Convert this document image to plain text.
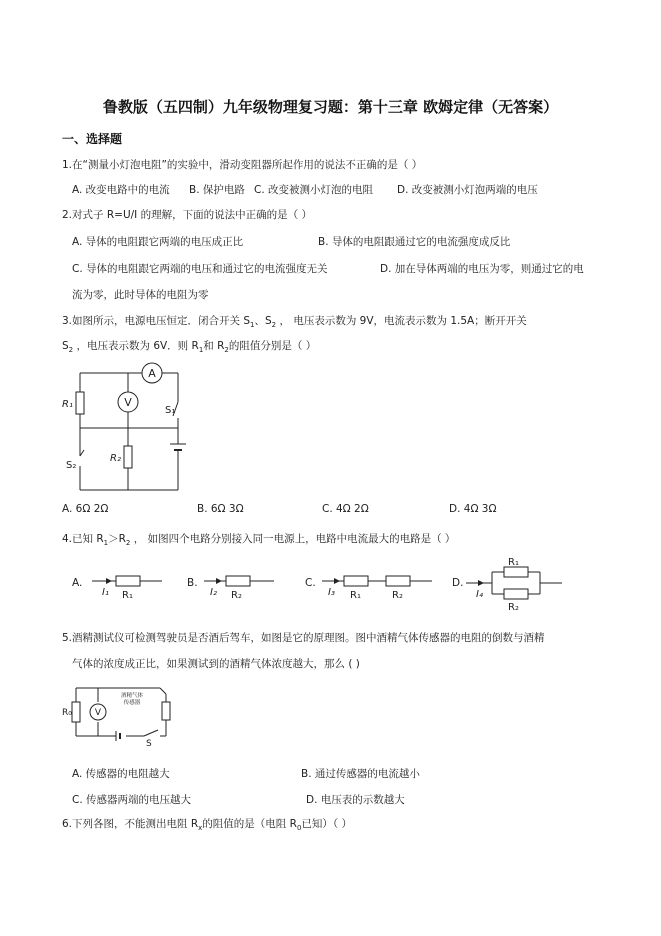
鲁教版（五四制）九年级物理复习题：第十三章 欧姆定律（无答案）
一、选择题
1.在“测量小灯泡电阻”的实验中，滑动变阻器所起作用的说法不正确的是（ ）
A. 改变电路中的电流 B. 保护电路 C. 改变被测小灯泡的电阻 D. 改变被测小灯泡两端的电压
2.对式子 R=U/I 的理解，下面的说法中正确的是（ ）
A. 导体的电阻跟它两端的电压成正比	B. 导体的电阻跟通过它的电流强度成反比
C. 导体的电阻跟它两端的电压和通过它的电流强度无关	D. 加在导体两端的电压为零，则通过它的电
流为零，此时导体的电阻为零
3.如图所示，电源电压恒定．闭合开关 $S_1$、$S_2$ ， 电压表示数为 9V，电流表示数为 1.5A；断开开关
$S_2$ ，电压表示数为 6V．则 $R_1$和 $R_2$的阻值分别是（ ）
A
V
R₁
R₂
S₁
S₂
A. 6Ω 2Ω	B. 6Ω 3Ω	C. 4Ω 2Ω	D. 4Ω 3Ω
4.已知 $R_1>R_2$ ， 如图四个电路分别接入同一电源上，电路中电流最大的电路是（ ）
A.
I₁ R₁
B.
I₂ R₂
C.
I₃ R₁	R₂
D.
I₄
R₁
R₂
5.酒精测试仪可检测驾驶员是否酒后驾车，如图是它的原理图。图中酒精气体传感器的电阻的倒数与酒精
气体的浓度成正比，如果测试到的酒精气体浓度越大，那么 ( )
V
R₀
酒精气体
传感器
S
A. 传感器的电阻越大	B. 通过传感器的电流越小
C. 传感器两端的电压越大	D. 电压表的示数越大
6.下列各图，不能测出电阻 $R_x$的阻值的是（电阻 $R_0$已知）（ ）
